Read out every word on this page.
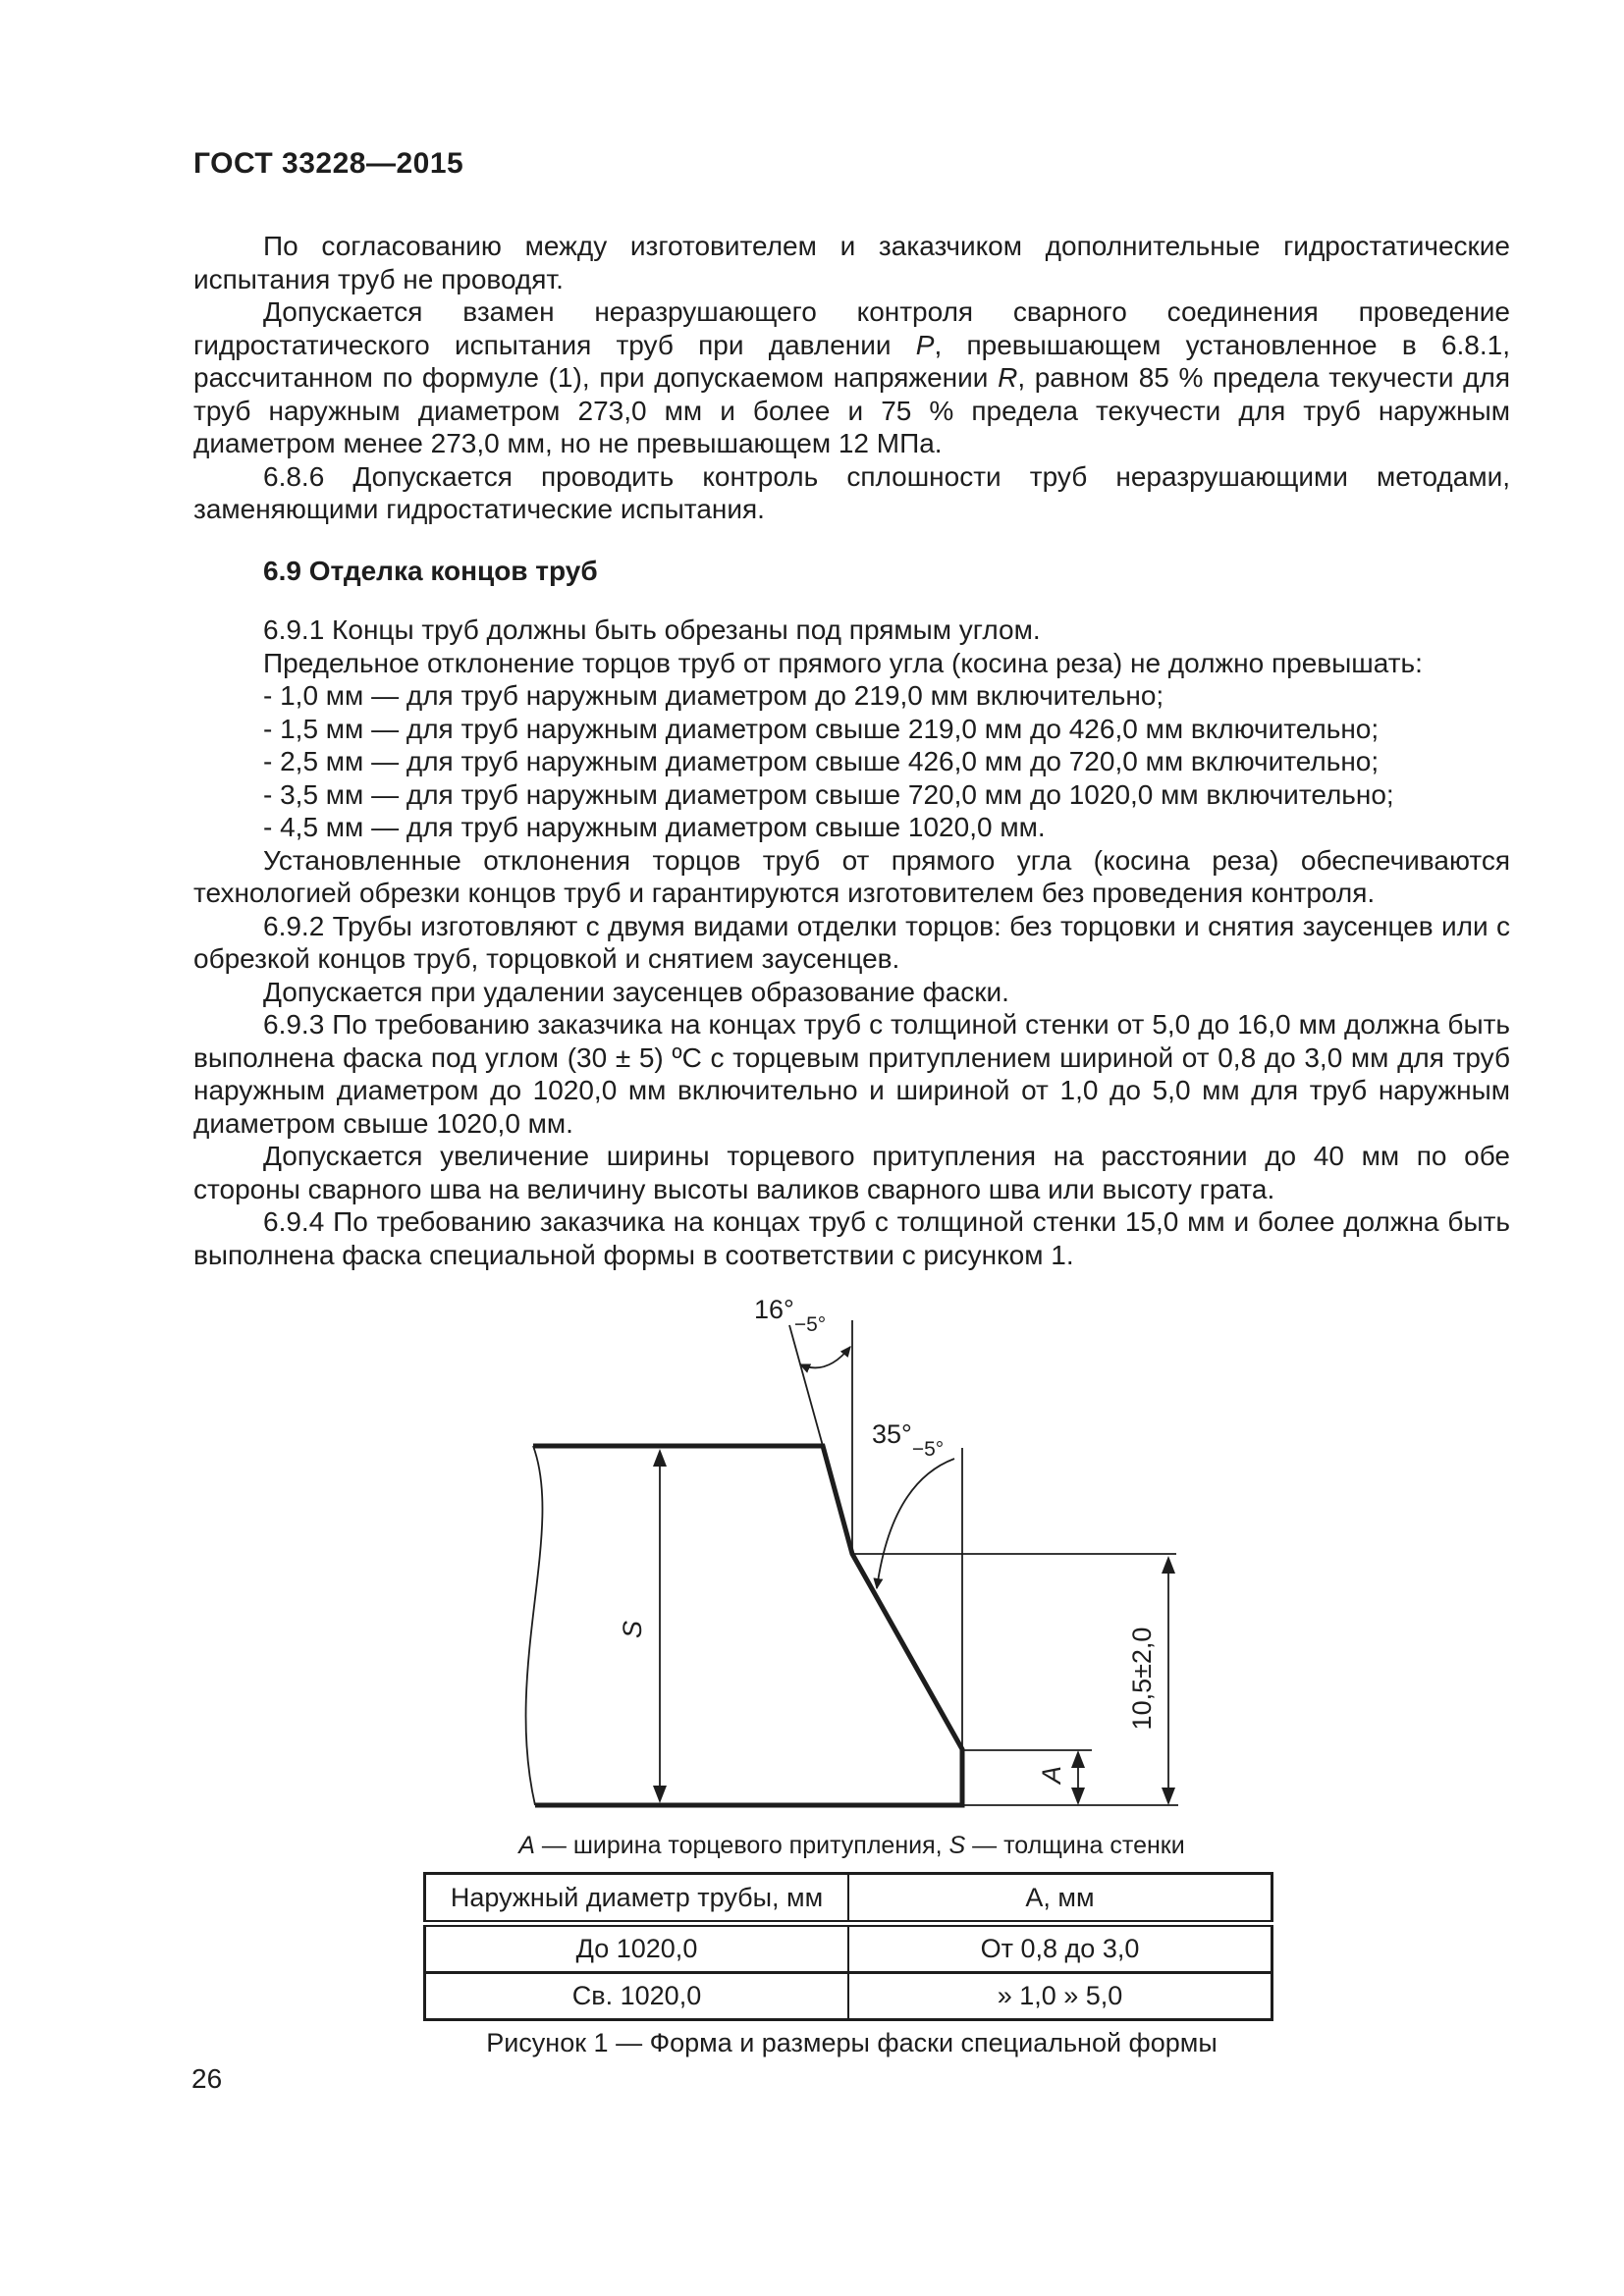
ГОСТ 33228—2015

По согласованию между изготовителем и заказчиком дополнительные гидростатические испытания труб не проводят.

Допускается взамен неразрушающего контроля сварного соединения проведение гидростатического испытания труб при давлении P, превышающем установленное в 6.8.1, рассчитанном по формуле (1), при допускаемом напряжении R, равном 85 % предела текучести для труб наружным диаметром 273,0 мм и более и 75 % предела текучести для труб наружным диаметром менее 273,0 мм, но не превышающем 12 МПа.

6.8.6 Допускается проводить контроль сплошности труб неразрушающими методами, заменяющими гидростатические испытания.

6.9 Отделка концов труб

6.9.1 Концы труб должны быть обрезаны под прямым углом.

Предельное отклонение торцов труб от прямого угла (косина реза) не должно превышать:

- 1,0 мм — для труб наружным диаметром до 219,0 мм включительно;

- 1,5 мм — для труб наружным диаметром свыше 219,0 мм до 426,0 мм включительно;

- 2,5 мм — для труб наружным диаметром свыше 426,0 мм до 720,0 мм включительно;

- 3,5 мм — для труб наружным диаметром свыше 720,0 мм до 1020,0 мм включительно;

- 4,5 мм — для труб наружным диаметром свыше 1020,0 мм.

Установленные отклонения торцов труб от прямого угла (косина реза) обеспечиваются технологией обрезки концов труб и гарантируются изготовителем без проведения контроля.

6.9.2 Трубы изготовляют с двумя видами отделки торцов: без торцовки и снятия заусенцев или с обрезкой концов труб, торцовкой и снятием заусенцев.

Допускается при удалении заусенцев образование фаски.

6.9.3 По требованию заказчика на концах труб с толщиной стенки от 5,0 до 16,0 мм должна быть выполнена фаска под углом (30 ± 5) ºС с торцевым притуплением шириной от 0,8 до 3,0 мм для труб наружным диаметром до 1020,0 мм включительно и шириной от 1,0 до 5,0 мм для труб наружным диаметром свыше 1020,0 мм.

Допускается увеличение ширины торцевого притупления на расстоянии до 40 мм по обе стороны сварного шва на величину высоты валиков сварного шва или высоту грата.

6.9.4 По требованию заказчика на концах труб с толщиной стенки 15,0 мм и более должна быть выполнена фаска специальной формы в соответствии с рисунком 1.

$16^\circ_{-5^\circ}$
$35^\circ_{-5^\circ}$
S	10,5±2,0
А
А — ширина торцевого притупления, S — толщина стенки
Наружный диаметр трубы, мм	А, мм
До 1020,0	От 0,8 до 3,0
Св. 1020,0	» 1,0 » 5,0
Рисунок 1 — Форма и размеры фаски специальной формы
26
